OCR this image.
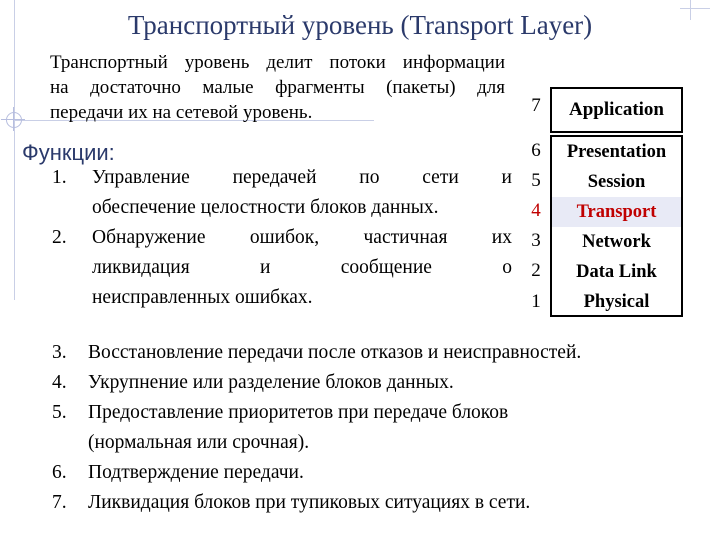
Транспортный уровень (Transport Layer)
Транспортный уровень делит потоки информации
на достаточно малые фрагменты (пакеты) для
передачи их на сетевой уровень.
Функции:
1. Управление передачей по сети и
обеспечение целостности блоков данных.
2. Обнаружение ошибок, частичная их
ликвидация и сообщение о
неисправленных ошибках.
7
6
5
4
3
2
1
Application
Presentation
Session
Transport
Network
Data Link
Physical
3. Восстановление передачи после отказов и неисправностей.
4. Укрупнение или разделение блоков данных.
5. Предоставление приоритетов при передаче блоков
(нормальная или срочная).
6. Подтверждение передачи.
7. Ликвидация блоков при тупиковых ситуациях в сети.
